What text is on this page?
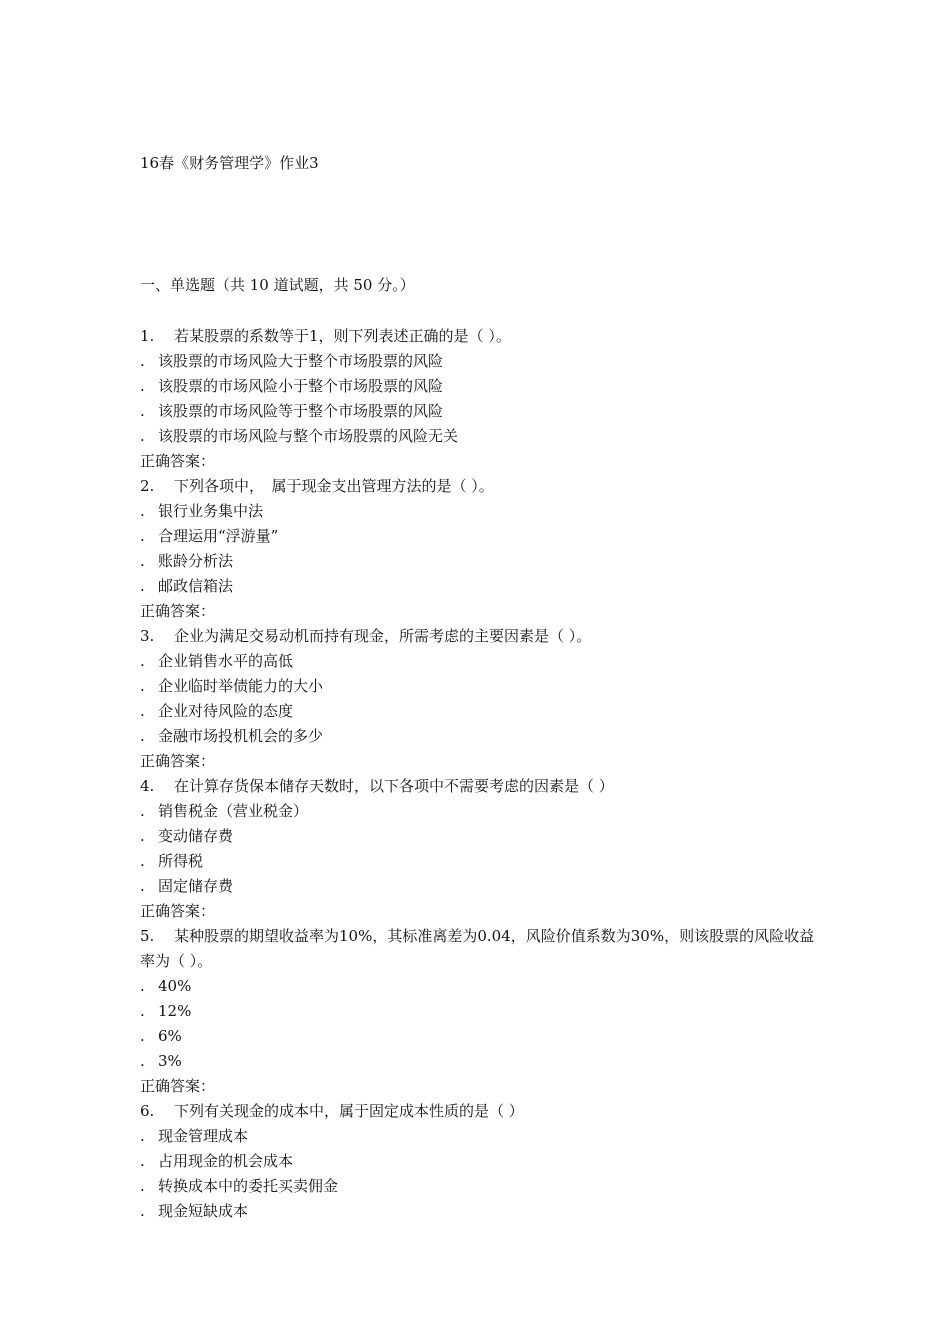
16春《财务管理学》作业3
一、单选题（共 10 道试题，共 50 分。）
1. 若某股票的系数等于1，则下列表述正确的是（ ）。
. 该股票的市场风险大于整个市场股票的风险
. 该股票的市场风险小于整个市场股票的风险
. 该股票的市场风险等于整个市场股票的风险
. 该股票的市场风险与整个市场股票的风险无关
正确答案：
2. 下列各项中，　属于现金支出管理方法的是（ ）。
. 银行业务集中法
. 合理运用“浮游量”
. 账龄分析法
. 邮政信箱法
正确答案：
3. 企业为满足交易动机而持有现金，所需考虑的主要因素是（ ）。
. 企业销售水平的高低
. 企业临时举债能力的大小
. 企业对待风险的态度
. 金融市场投机机会的多少
正确答案：
4. 在计算存货保本储存天数时，以下各项中不需要考虑的因素是（ ）
. 销售税金（营业税金）
. 变动储存费
. 所得税
. 固定储存费
正确答案：
5. 某种股票的期望收益率为10%，其标准离差为0.04，风险价值系数为30%，则该股票的风险收益率为（ ）。
. 40%
. 12%
. 6%
. 3%
正确答案：
6. 下列有关现金的成本中，属于固定成本性质的是（ ）
. 现金管理成本
. 占用现金的机会成本
. 转换成本中的委托买卖佣金
. 现金短缺成本
